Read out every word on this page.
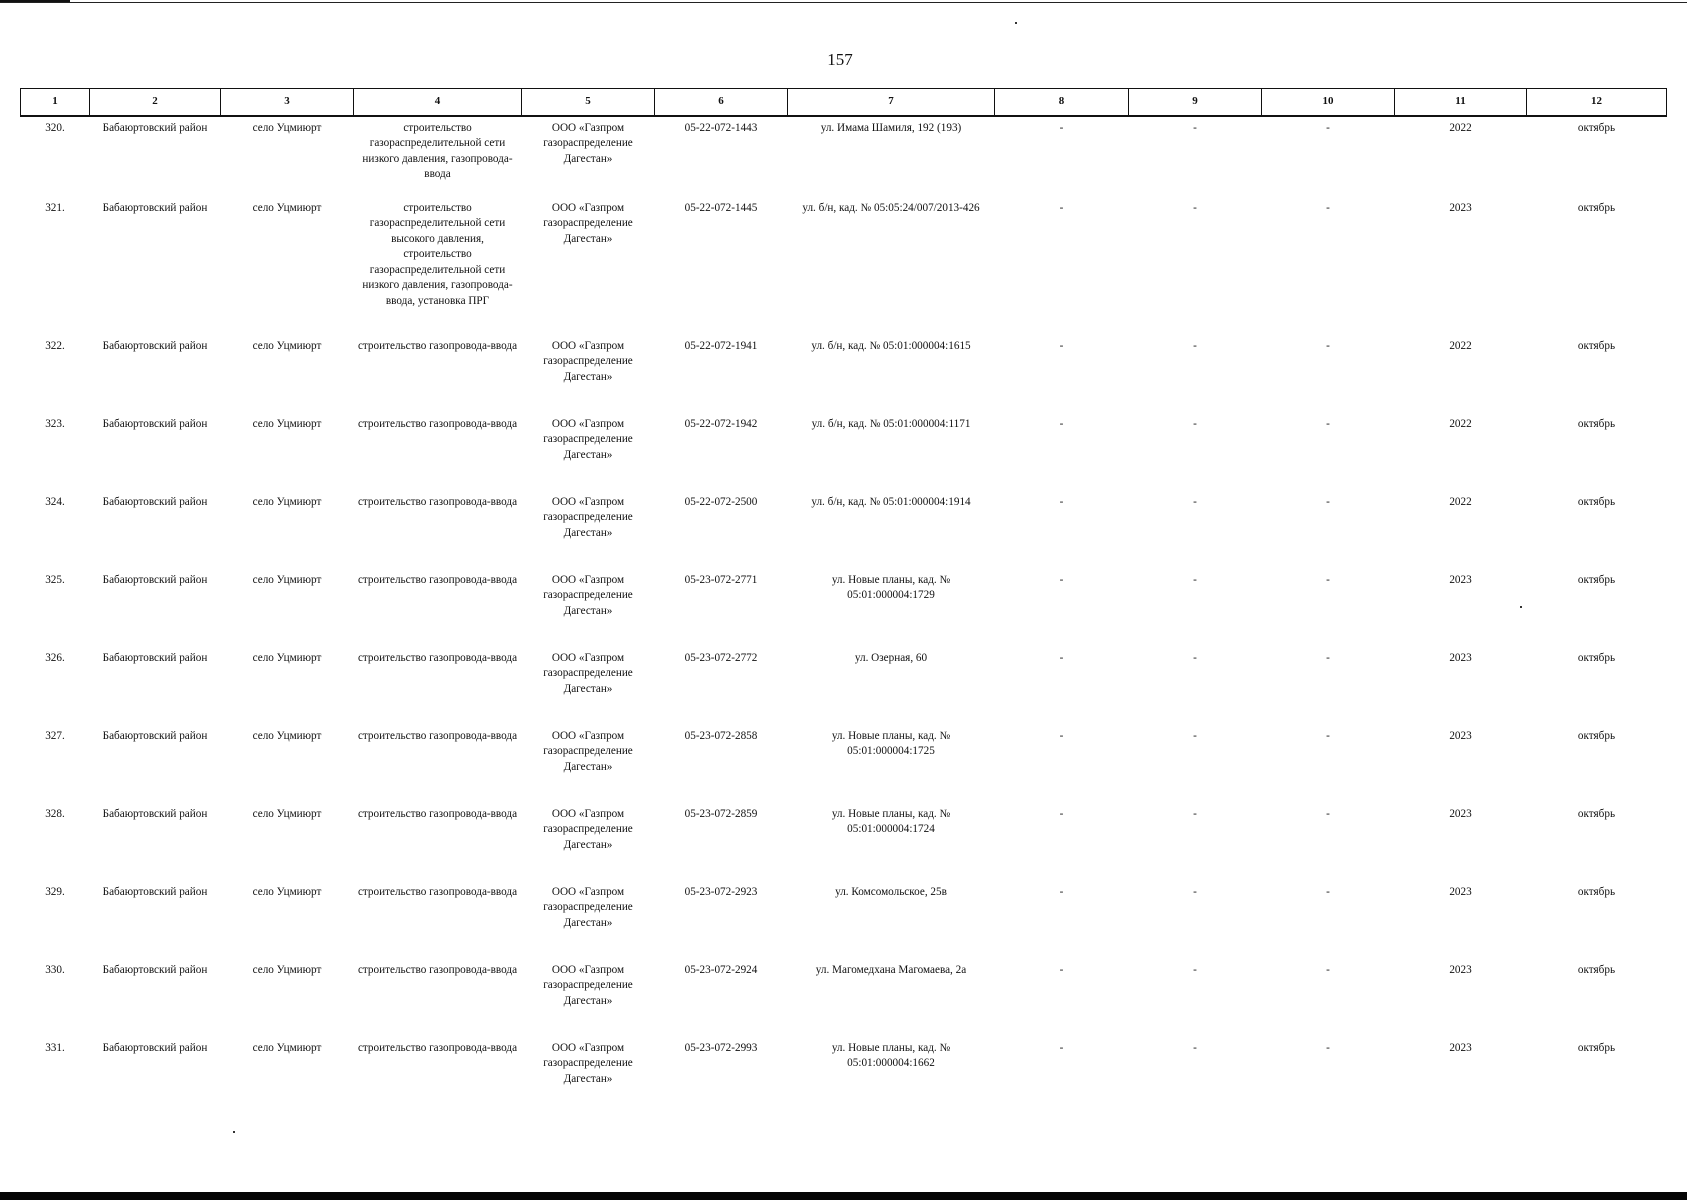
157
1	2	3	4	5	6	7	8	9	10	11	12
320.	Бабаюртовский район	село Уцмиюрт	строительство газораспределительной сети низкого давления, газопровода-ввода	ООО «Газпром газораспределение Дагестан»	05-22-072-1443	ул. Имама Шамиля, 192 (193)	-	-	-	2022	октябрь
321.	Бабаюртовский район	село Уцмиюрт	строительство газораспределительной сети высокого давления, строительство газораспределительной сети низкого давления, газопровода-ввода, установка ПРГ	ООО «Газпром газораспределение Дагестан»	05-22-072-1445	ул. б/н, кад. № 05:05:24/007/2013-426	-	-	-	2023	октябрь
322.	Бабаюртовский район	село Уцмиюрт	строительство газопровода-ввода	ООО «Газпром газораспределение Дагестан»	05-22-072-1941	ул. б/н, кад. № 05:01:000004:1615	-	-	-	2022	октябрь
323.	Бабаюртовский район	село Уцмиюрт	строительство газопровода-ввода	ООО «Газпром газораспределение Дагестан»	05-22-072-1942	ул. б/н, кад. № 05:01:000004:1171	-	-	-	2022	октябрь
324.	Бабаюртовский район	село Уцмиюрт	строительство газопровода-ввода	ООО «Газпром газораспределение Дагестан»	05-22-072-2500	ул. б/н, кад. № 05:01:000004:1914	-	-	-	2022	октябрь
325.	Бабаюртовский район	село Уцмиюрт	строительство газопровода-ввода	ООО «Газпром газораспределение Дагестан»	05-23-072-2771	ул. Новые планы, кад. № 05:01:000004:1729	-	-	-	2023	октябрь
326.	Бабаюртовский район	село Уцмиюрт	строительство газопровода-ввода	ООО «Газпром газораспределение Дагестан»	05-23-072-2772	ул. Озерная, 60	-	-	-	2023	октябрь
327.	Бабаюртовский район	село Уцмиюрт	строительство газопровода-ввода	ООО «Газпром газораспределение Дагестан»	05-23-072-2858	ул. Новые планы, кад. № 05:01:000004:1725	-	-	-	2023	октябрь
328.	Бабаюртовский район	село Уцмиюрт	строительство газопровода-ввода	ООО «Газпром газораспределение Дагестан»	05-23-072-2859	ул. Новые планы, кад. № 05:01:000004:1724	-	-	-	2023	октябрь
329.	Бабаюртовский район	село Уцмиюрт	строительство газопровода-ввода	ООО «Газпром газораспределение Дагестан»	05-23-072-2923	ул. Комсомольское, 25в	-	-	-	2023	октябрь
330.	Бабаюртовский район	село Уцмиюрт	строительство газопровода-ввода	ООО «Газпром газораспределение Дагестан»	05-23-072-2924	ул. Магомедхана Магомаева, 2а	-	-	-	2023	октябрь
331.	Бабаюртовский район	село Уцмиюрт	строительство газопровода-ввода	ООО «Газпром газораспределение Дагестан»	05-23-072-2993	ул. Новые планы, кад. № 05:01:000004:1662	-	-	-	2023	октябрь
